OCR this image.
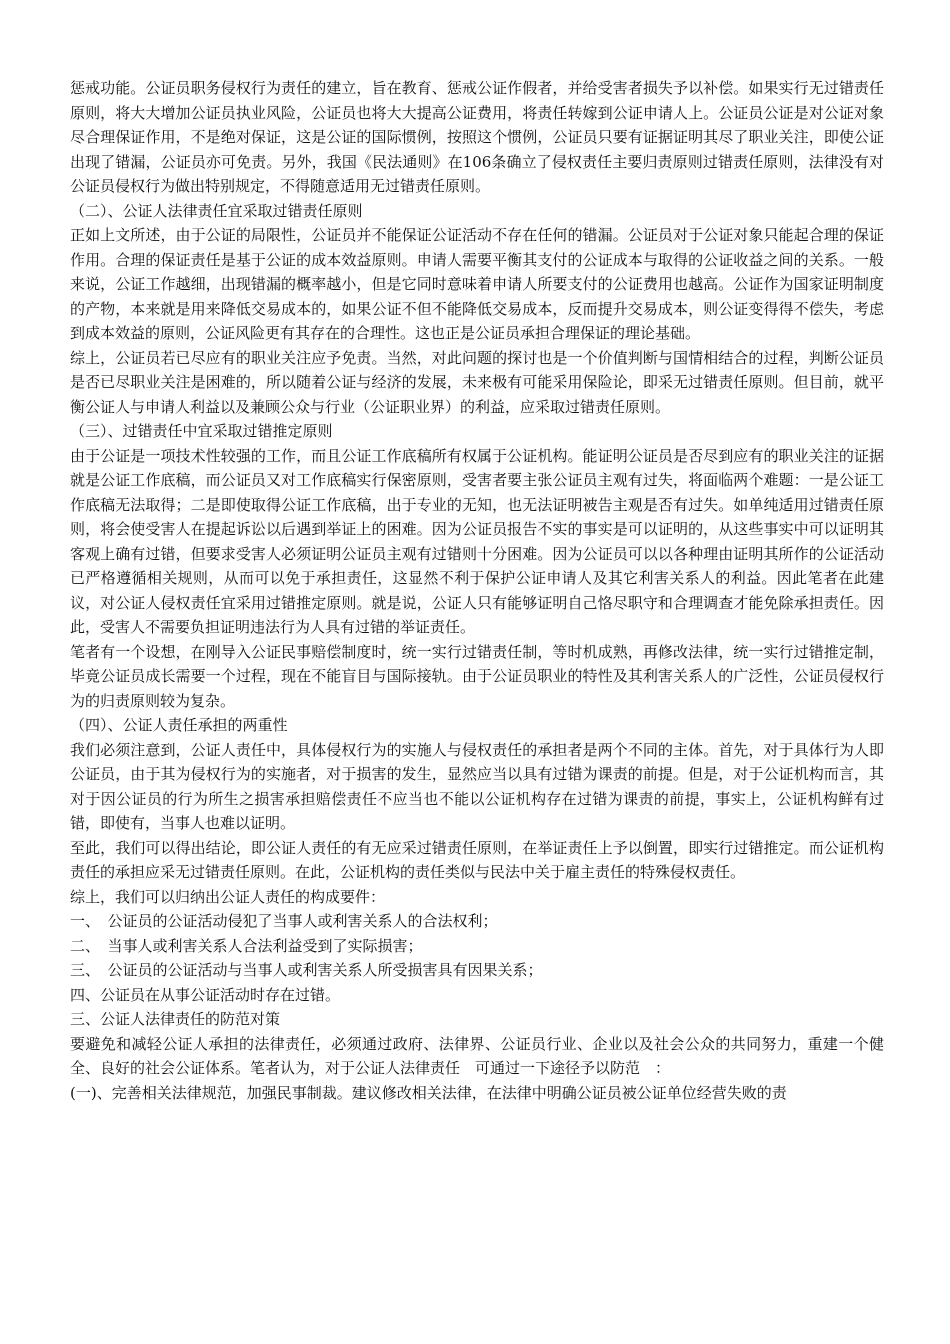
惩戒功能。公证员职务侵权行为责任的建立，旨在教育、惩戒公证作假者，并给受害者损失予以补偿。如果实行无过错责任原则，将大大增加公证员执业风险，公证员也将大大提高公证费用，将责任转嫁到公证申请人上。公证员公证是对公证对象尽合理保证作用，不是绝对保证，这是公证的国际惯例，按照这个惯例，公证员只要有证据证明其尽了职业关注，即使公证出现了错漏，公证员亦可免责。另外，我国《民法通则》在106条确立了侵权责任主要归责原则过错责任原则，法律没有对公证员侵权行为做出特别规定，不得随意适用无过错责任原则。

（二）、公证人法律责任宜采取过错责任原则

正如上文所述，由于公证的局限性，公证员并不能保证公证活动不存在任何的错漏。公证员对于公证对象只能起合理的保证作用。合理的保证责任是基于公证的成本效益原则。申请人需要平衡其支付的公证成本与取得的公证收益之间的关系。一般来说，公证工作越细，出现错漏的概率越小，但是它同时意味着申请人所要支付的公证费用也越高。公证作为国家证明制度的产物，本来就是用来降低交易成本的，如果公证不但不能降低交易成本，反而提升交易成本，则公证变得得不偿失，考虑到成本效益的原则，公证风险更有其存在的合理性。这也正是公证员承担合理保证的理论基础。

综上，公证员若已尽应有的职业关注应予免责。当然，对此问题的探讨也是一个价值判断与国情相结合的过程，判断公证员是否已尽职业关注是困难的，所以随着公证与经济的发展，未来极有可能采用保险论，即采无过错责任原则。但目前，就平衡公证人与申请人利益以及兼顾公众与行业（公证职业界）的利益，应采取过错责任原则。

（三）、过错责任中宜采取过错推定原则

由于公证是一项技术性较强的工作，而且公证工作底稿所有权属于公证机构。能证明公证员是否尽到应有的职业关注的证据就是公证工作底稿，而公证员又对工作底稿实行保密原则，受害者要主张公证员主观有过失，将面临两个难题：一是公证工作底稿无法取得；二是即使取得公证工作底稿，出于专业的无知，也无法证明被告主观是否有过失。如单纯适用过错责任原则，将会使受害人在提起诉讼以后遇到举证上的困难。因为公证员报告不实的事实是可以证明的，从这些事实中可以证明其客观上确有过错，但要求受害人必须证明公证员主观有过错则十分困难。因为公证员可以以各种理由证明其所作的公证活动已严格遵循相关规则，从而可以免于承担责任，这显然不利于保护公证申请人及其它利害关系人的利益。因此笔者在此建议，对公证人侵权责任宜采用过错推定原则。就是说，公证人只有能够证明自己恪尽职守和合理调查才能免除承担责任。因此，受害人不需要负担证明违法行为人具有过错的举证责任。

笔者有一个设想，在刚导入公证民事赔偿制度时，统一实行过错责任制，等时机成熟，再修改法律，统一实行过错推定制，毕竟公证员成长需要一个过程，现在不能盲目与国际接轨。由于公证员职业的特性及其利害关系人的广泛性，公证员侵权行为的归责原则较为复杂。

（四）、公证人责任承担的两重性

我们必须注意到，公证人责任中，具体侵权行为的实施人与侵权责任的承担者是两个不同的主体。首先，对于具体行为人即公证员，由于其为侵权行为的实施者，对于损害的发生，显然应当以具有过错为课责的前提。但是，对于公证机构而言，其对于因公证员的行为所生之损害承担赔偿责任不应当也不能以公证机构存在过错为课责的前提，事实上，公证机构鲜有过错，即使有，当事人也难以证明。

至此，我们可以得出结论，即公证人责任的有无应采过错责任原则，在举证责任上予以倒置，即实行过错推定。而公证机构责任的承担应采无过错责任原则。在此，公证机构的责任类似与民法中关于雇主责任的特殊侵权责任。

综上，我们可以归纳出公证人责任的构成要件：

一、　公证员的公证活动侵犯了当事人或利害关系人的合法权利；

二、　当事人或利害关系人合法利益受到了实际损害；

三、　公证员的公证活动与当事人或利害关系人所受损害具有因果关系；

四、公证员在从事公证活动时存在过错。

三、公证人法律责任的防范对策

要避免和减轻公证人承担的法律责任，必须通过政府、法律界、公证员行业、企业以及社会公众的共同努力，重建一个健全、良好的社会公证体系。笔者认为，对于公证人法律责任　可通过一下途径予以防范　：

(一)、完善相关法律规范，加强民事制裁。建议修改相关法律，在法律中明确公证员被公证单位经营失败的责
